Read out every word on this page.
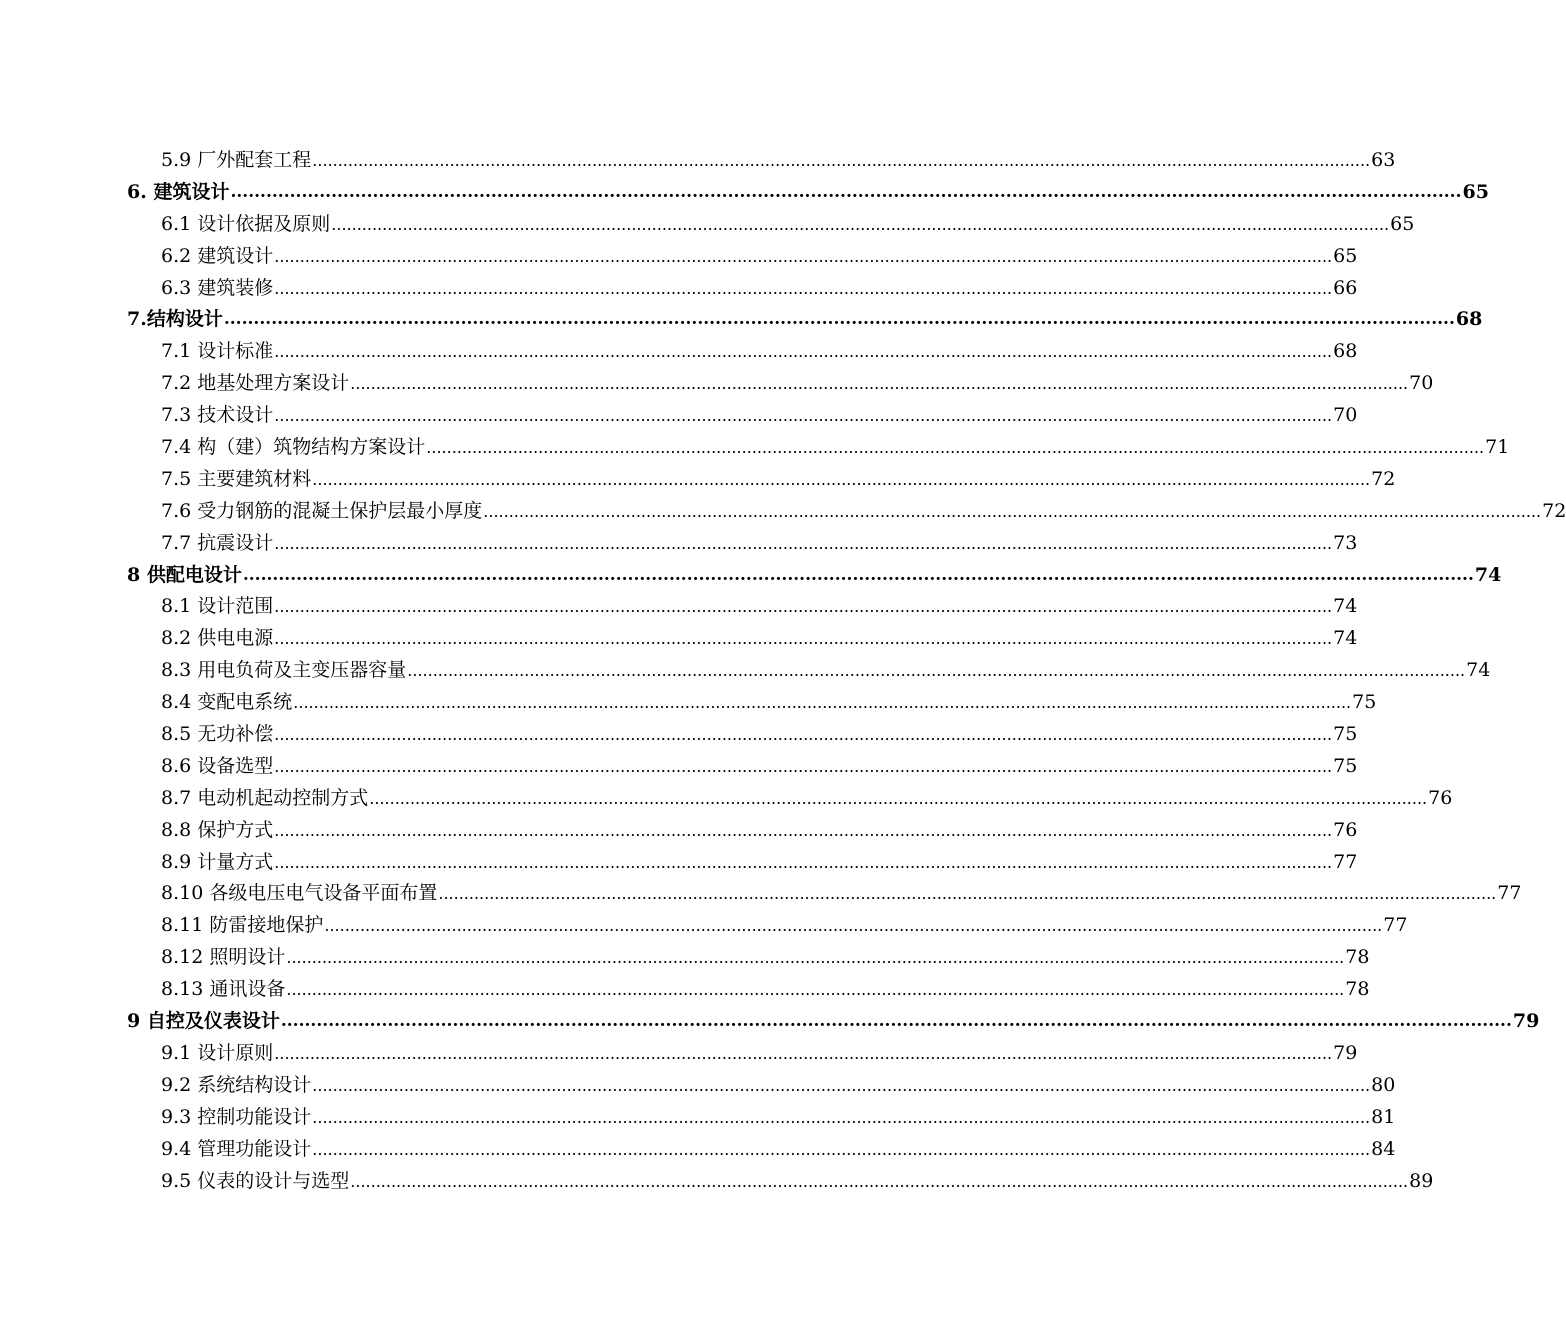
5.9 厂外配套工程 ................................................................................................................................................................................................................ 63
6. 建筑设计 ................................................................................................................................................................................................................ 65
6.1 设计依据及原则 ................................................................................................................................................................................................................ 65
6.2 建筑设计 ................................................................................................................................................................................................................ 65
6.3 建筑装修 ................................................................................................................................................................................................................ 66
7.结构设计 ................................................................................................................................................................................................................ 68
7.1 设计标准 ................................................................................................................................................................................................................ 68
7.2 地基处理方案设计 ................................................................................................................................................................................................................ 70
7.3 技术设计 ................................................................................................................................................................................................................ 70
7.4 构（建）筑物结构方案设计 ................................................................................................................................................................................................................ 71
7.5 主要建筑材料 ................................................................................................................................................................................................................ 72
7.6 受力钢筋的混凝土保护层最小厚度 ................................................................................................................................................................................................................ 72
7.7 抗震设计 ................................................................................................................................................................................................................ 73
8 供配电设计 ................................................................................................................................................................................................................ 74
8.1 设计范围 ................................................................................................................................................................................................................ 74
8.2 供电电源 ................................................................................................................................................................................................................ 74
8.3 用电负荷及主变压器容量 ................................................................................................................................................................................................................ 74
8.4 变配电系统 ................................................................................................................................................................................................................ 75
8.5 无功补偿 ................................................................................................................................................................................................................ 75
8.6 设备选型 ................................................................................................................................................................................................................ 75
8.7 电动机起动控制方式 ................................................................................................................................................................................................................ 76
8.8 保护方式 ................................................................................................................................................................................................................ 76
8.9 计量方式 ................................................................................................................................................................................................................ 77
8.10 各级电压电气设备平面布置 ................................................................................................................................................................................................................ 77
8.11 防雷接地保护 ................................................................................................................................................................................................................ 77
8.12 照明设计 ................................................................................................................................................................................................................ 78
8.13 通讯设备 ................................................................................................................................................................................................................ 78
9 自控及仪表设计 ................................................................................................................................................................................................................ 79
9.1 设计原则 ................................................................................................................................................................................................................ 79
9.2 系统结构设计 ................................................................................................................................................................................................................ 80
9.3 控制功能设计 ................................................................................................................................................................................................................ 81
9.4 管理功能设计 ................................................................................................................................................................................................................ 84
9.5 仪表的设计与选型 ................................................................................................................................................................................................................ 89
